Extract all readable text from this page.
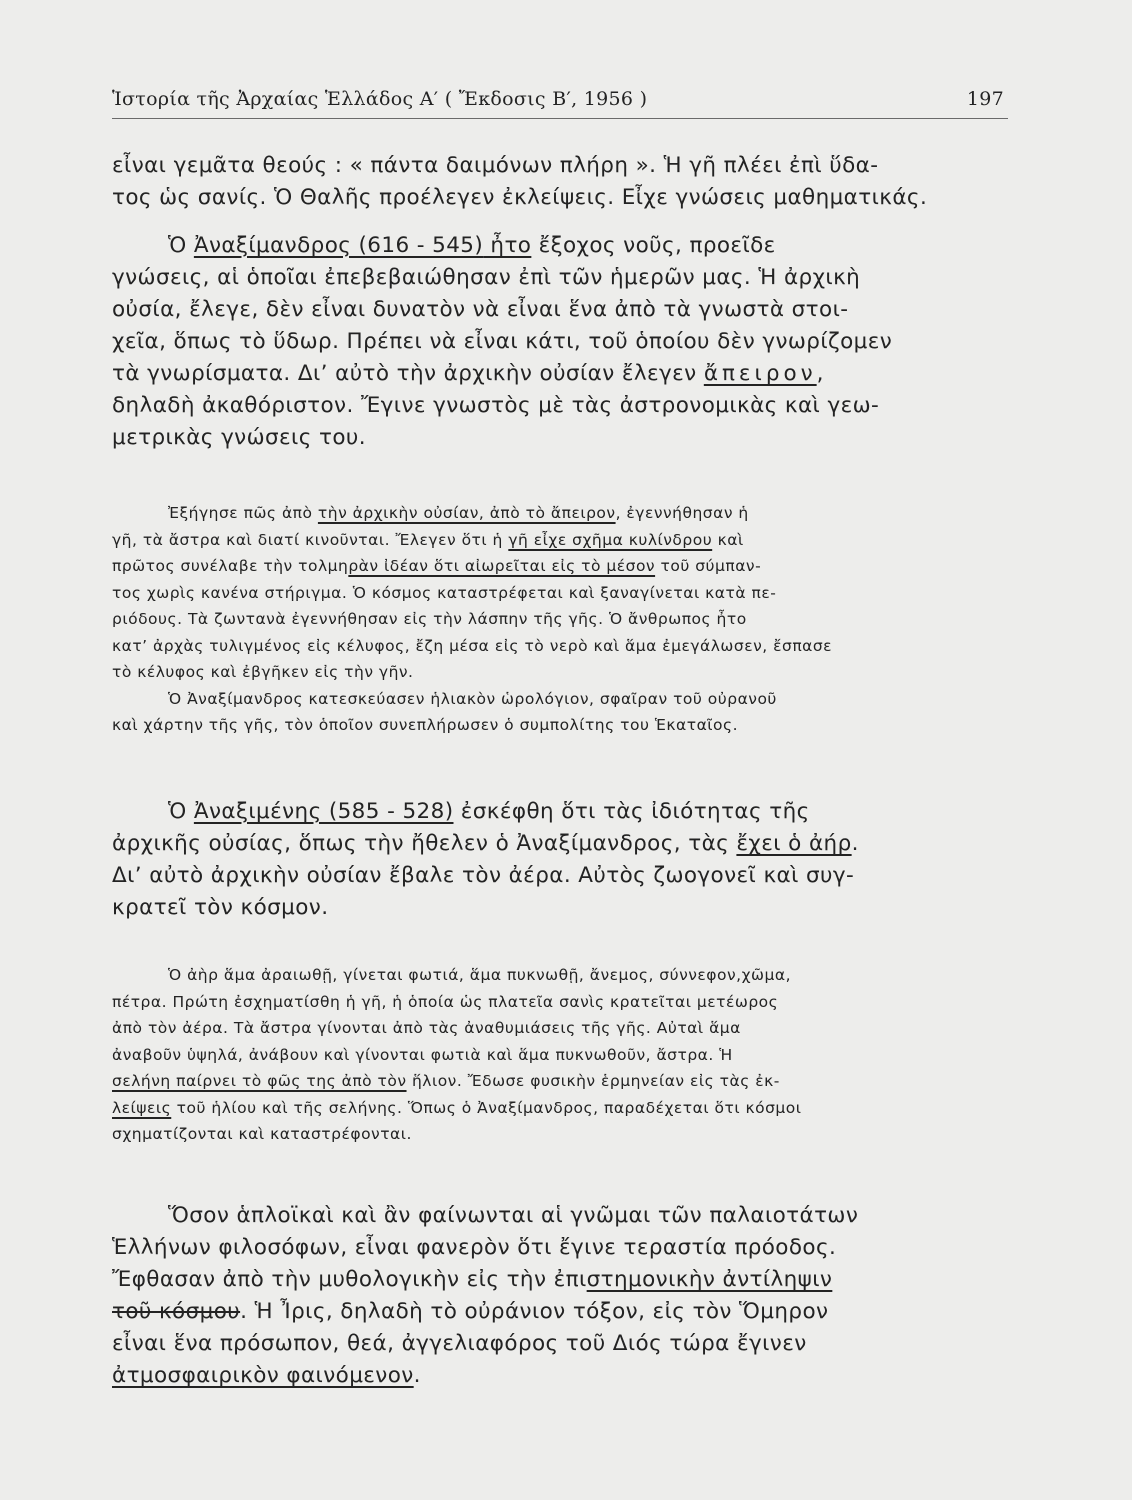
Ἱστορία τῆς Ἀρχαίας Ἑλλάδος Α′ ( Ἔκδοσις Β′, 1956 )	197

εἶναι γεμᾶτα θεούς : « πάντα δαιμόνων πλήρη ». Ἡ γῆ πλέει ἐπὶ ὕδα-
τος ὡς σανίς. Ὁ Θαλῆς προέλεγεν ἐκλείψεις. Εἶχε γνώσεις μαθηματικάς.

Ὁ Ἀναξίμανδρος (616 - 545) ἦτο ἔξοχος νοῦς, προεῖδε
γνώσεις, αἱ ὁποῖαι ἐπεβεβαιώθησαν ἐπὶ τῶν ἡμερῶν μας. Ἡ ἀρχικὴ
οὐσία, ἔλεγε, δὲν εἶναι δυνατὸν νὰ εἶναι ἕνα ἀπὸ τὰ γνωστὰ στοι-
χεῖα, ὅπως τὸ ὕδωρ. Πρέπει νὰ εἶναι κάτι, τοῦ ὁποίου δὲν γνωρίζομεν
τὰ γνωρίσματα. Διʼ αὐτὸ τὴν ἀρχικὴν οὐσίαν ἔλεγεν ἄπειρον,
δηλαδὴ ἀκαθόριστον. Ἔγινε γνωστὸς μὲ τὰς ἀστρονομικὰς καὶ γεω-
μετρικὰς γνώσεις του.

Ἐξήγησε πῶς ἀπὸ τὴν ἀρχικὴν οὐσίαν, ἀπὸ τὸ ἄπειρον, ἐγεννήθησαν ἡ
γῆ, τὰ ἄστρα καὶ διατί κινοῦνται. Ἔλεγεν ὅτι ἡ γῆ εἶχε σχῆμα κυλίνδρου καὶ
πρῶτος συνέλαβε τὴν τολμηρὰν ἰδέαν ὅτι αἰωρεῖται εἰς τὸ μέσον τοῦ σύμπαν-
τος χωρὶς κανένα στήριγμα. Ὁ κόσμος καταστρέφεται καὶ ξαναγίνεται κατὰ πε-
ριόδους. Τὰ ζωντανὰ ἐγεννήθησαν εἰς τὴν λάσπην τῆς γῆς. Ὁ ἄνθρωπος ἦτο
κατʼ ἀρχὰς τυλιγμένος εἰς κέλυφος, ἔζη μέσα εἰς τὸ νερὸ καὶ ἅμα ἐμεγάλωσεν, ἔσπασε
τὸ κέλυφος καὶ ἐβγῆκεν εἰς τὴν γῆν.
Ὁ Ἀναξίμανδρος κατεσκεύασεν ἡλιακὸν ὡρολόγιον, σφαῖραν τοῦ οὐρανοῦ
καὶ χάρτην τῆς γῆς, τὸν ὁποῖον συνεπλήρωσεν ὁ συμπολίτης του Ἑκαταῖος.

Ὁ Ἀναξιμένης (585 - 528) ἐσκέφθη ὅτι τὰς ἰδιότητας τῆς
ἀρχικῆς οὐσίας, ὅπως τὴν ἤθελεν ὁ Ἀναξίμανδρος, τὰς ἔχει ὁ ἀήρ.
Διʼ αὐτὸ ἀρχικὴν οὐσίαν ἔβαλε τὸν ἀέρα. Αὐτὸς ζωογονεῖ καὶ συγ-
κρατεῖ τὸν κόσμον.

Ὁ ἀὴρ ἅμα ἀραιωθῇ, γίνεται φωτιά, ἅμα πυκνωθῇ, ἄνεμος, σύννεφον,χῶμα,
πέτρα. Πρώτη ἐσχηματίσθη ἡ γῆ, ἡ ὁποία ὡς πλατεῖα σανὶς κρατεῖται μετέωρος
ἀπὸ τὸν ἀέρα. Τὰ ἄστρα γίνονται ἀπὸ τὰς ἀναθυμιάσεις τῆς γῆς. Αὐταὶ ἅμα
ἀναβοῦν ὑψηλά, ἀνάβουν καὶ γίνονται φωτιὰ καὶ ἅμα πυκνωθοῦν, ἄστρα. Ἡ
σελήνη παίρνει τὸ φῶς της ἀπὸ τὸν ἥλιον. Ἔδωσε φυσικὴν ἑρμηνείαν εἰς τὰς ἐκ-
λείψεις τοῦ ἡλίου καὶ τῆς σελήνης. Ὅπως ὁ Ἀναξίμανδρος, παραδέχεται ὅτι κόσμοι
σχηματίζονται καὶ καταστρέφονται.

Ὅσον ἁπλοϊκαὶ καὶ ἂν φαίνωνται αἱ γνῶμαι τῶν παλαιοτάτων
Ἑλλήνων φιλοσόφων, εἶναι φανερὸν ὅτι ἔγινε τεραστία πρόοδος.
Ἔφθασαν ἀπὸ τὴν μυθολογικὴν εἰς τὴν ἐπιστημονικὴν ἀντίληψιν
τοῦ κόσμου. Ἡ Ἶρις, δηλαδὴ τὸ οὐράνιον τόξον, εἰς τὸν Ὅμηρον
εἶναι ἕνα πρόσωπον, θεά, ἀγγελιαφόρος τοῦ Διός τώρα ἔγινεν
ἀτμοσφαιρικὸν φαινόμενον.
